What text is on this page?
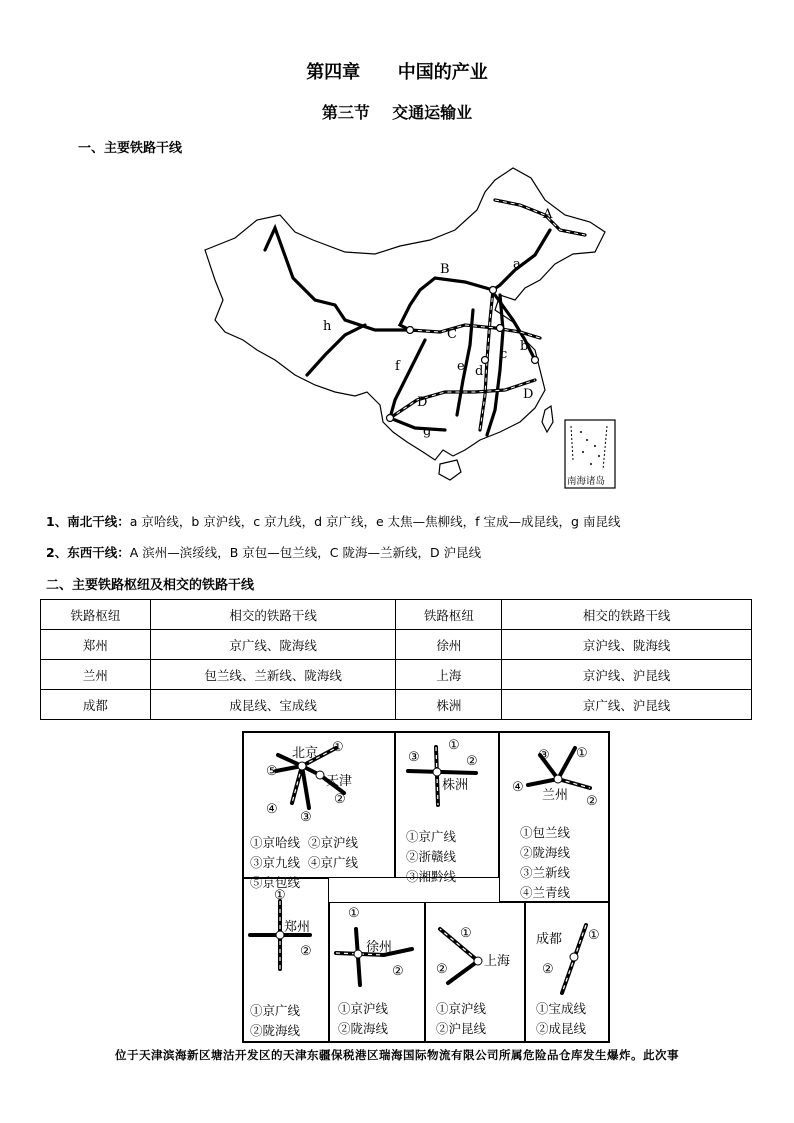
第四章      中国的产业
第三节    交通运输业
一、主要铁路干线
A
a
B
h
C
f	e d
c
b
D
D
g
南海诸岛
1、南北干线：a 京哈线，b 京沪线，c 京九线，d 京广线，e 太焦—焦柳线，f 宝成—成昆线，g 南昆线
2、东西干线：A 滨州—滨绥线，B 京包—包兰线，C 陇海—兰新线，D 沪昆线
二、主要铁路枢纽及相交的铁路干线
铁路枢纽	相交的铁路干线	铁路枢纽	相交的铁路干线
郑州	京广线、陇海线	徐州	京沪线、陇海线
兰州	包兰线、兰新线、陇海线	上海	京沪线、沪昆线
成都	成昆线、宝成线	株洲	京广线、沪昆线
北京
天津
①
②
③
④
⑤
①京哈线  ②京沪线
③京九线  ④京广线
⑤京包线
株洲
①
②
③
①京广线
②浙赣线
③湘黔线
兰州
①
②
③
④
①包兰线
②陇海线
③兰新线
④兰青线
郑州
①
②
①京广线
②陇海线
徐州
①
②
①京沪线
②陇海线
上海
①
②
①京沪线
②沪昆线
成都 ①
②
①宝成线
②成昆线
位于天津滨海新区塘沽开发区的天津东疆保税港区瑞海国际物流有限公司所属危险品仓库发生爆炸。此次事
